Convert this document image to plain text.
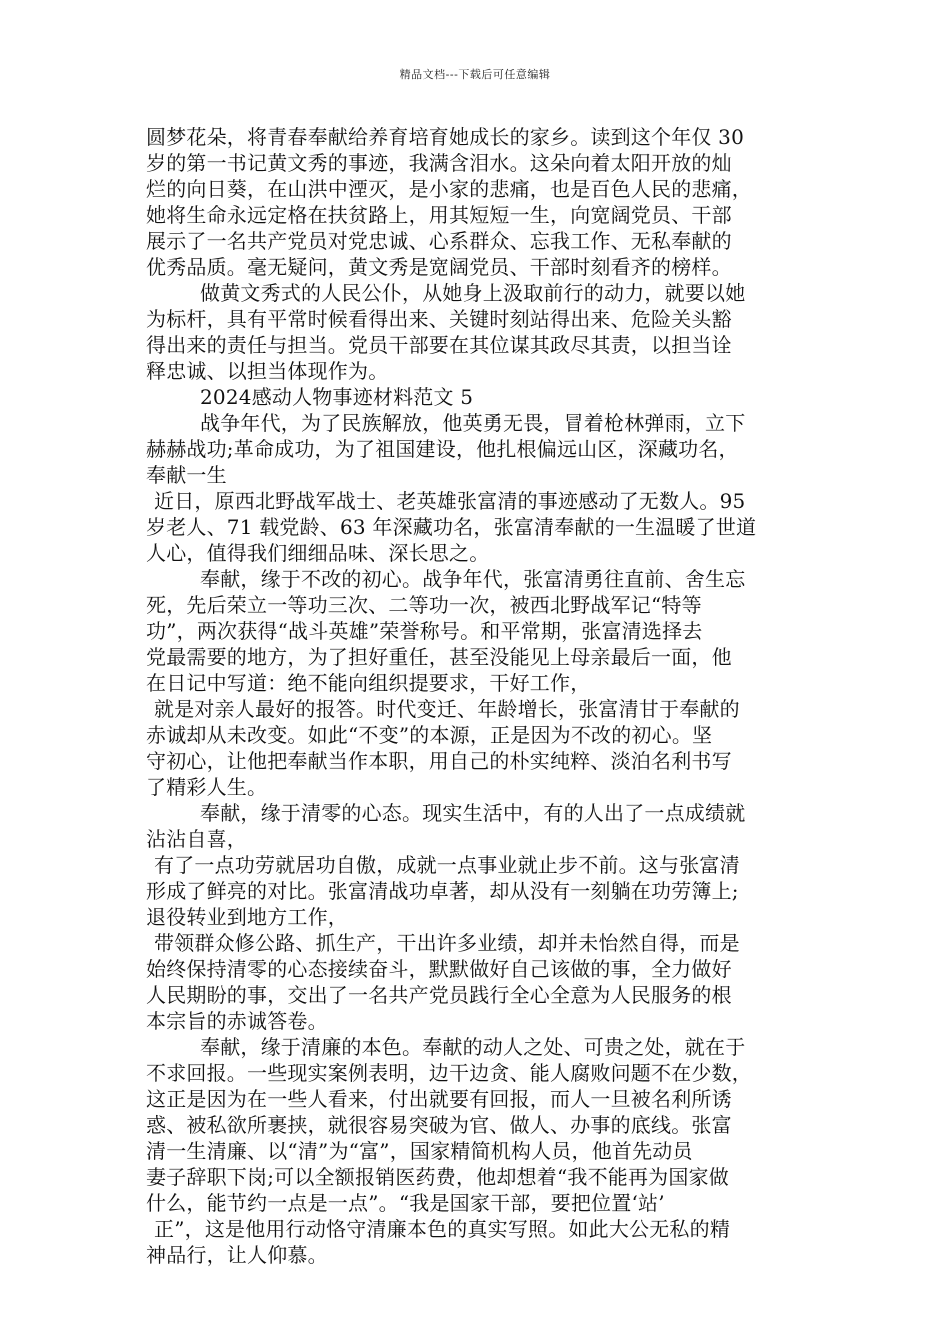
精品文档---下载后可任意编辑
圆梦花朵，将青春奉献给养育培育她成长的家乡。读到这个年仅 30
岁的第一书记黄文秀的事迹，我满含泪水。这朵向着太阳开放的灿
烂的向日葵，在山洪中湮灭，是小家的悲痛，也是百色人民的悲痛，
她将生命永远定格在扶贫路上，用其短短一生，向宽阔党员、干部
展示了一名共产党员对党忠诚、心系群众、忘我工作、无私奉献的
优秀品质。毫无疑问，黄文秀是宽阔党员、干部时刻看齐的榜样。
做黄文秀式的人民公仆，从她身上汲取前行的动力，就要以她
为标杆，具有平常时候看得出来、关键时刻站得出来、危险关头豁
得出来的责任与担当。党员干部要在其位谋其政尽其责，以担当诠
释忠诚、以担当体现作为。
2024感动人物事迹材料范文 5
战争年代，为了民族解放，他英勇无畏，冒着枪林弹雨，立下
赫赫战功;革命成功，为了祖国建设，他扎根偏远山区，深藏功名，
奉献一生
近日，原西北野战军战士、老英雄张富清的事迹感动了无数人。95
岁老人、71 载党龄、63 年深藏功名，张富清奉献的一生温暖了世道
人心，值得我们细细品味、深长思之。
奉献，缘于不改的初心。战争年代，张富清勇往直前、舍生忘
死，先后荣立一等功三次、二等功一次，被西北野战军记“特等
功”，两次获得“战斗英雄”荣誉称号。和平常期，张富清选择去
党最需要的地方，为了担好重任，甚至没能见上母亲最后一面，他
在日记中写道：绝不能向组织提要求，干好工作，
就是对亲人最好的报答。时代变迁、年龄增长，张富清甘于奉献的
赤诚却从未改变。如此“不变”的本源，正是因为不改的初心。坚
守初心，让他把奉献当作本职，用自己的朴实纯粹、淡泊名利书写
了精彩人生。
奉献，缘于清零的心态。现实生活中，有的人出了一点成绩就
沾沾自喜，
有了一点功劳就居功自傲，成就一点事业就止步不前。这与张富清
形成了鲜亮的对比。张富清战功卓著，却从没有一刻躺在功劳簿上;
退役转业到地方工作，
带领群众修公路、抓生产，干出许多业绩，却并未怡然自得，而是
始终保持清零的心态接续奋斗，默默做好自己该做的事，全力做好
人民期盼的事，交出了一名共产党员践行全心全意为人民服务的根
本宗旨的赤诚答卷。
奉献，缘于清廉的本色。奉献的动人之处、可贵之处，就在于
不求回报。一些现实案例表明，边干边贪、能人腐败问题不在少数，
这正是因为在一些人看来，付出就要有回报，而人一旦被名利所诱
惑、被私欲所裹挟，就很容易突破为官、做人、办事的底线。张富
清一生清廉、以“清”为“富”，国家精简机构人员，他首先动员
妻子辞职下岗;可以全额报销医药费，他却想着“我不能再为国家做
什么，能节约一点是一点”。“我是国家干部，要把位置‘站’
正”，这是他用行动恪守清廉本色的真实写照。如此大公无私的精
神品行，让人仰慕。
